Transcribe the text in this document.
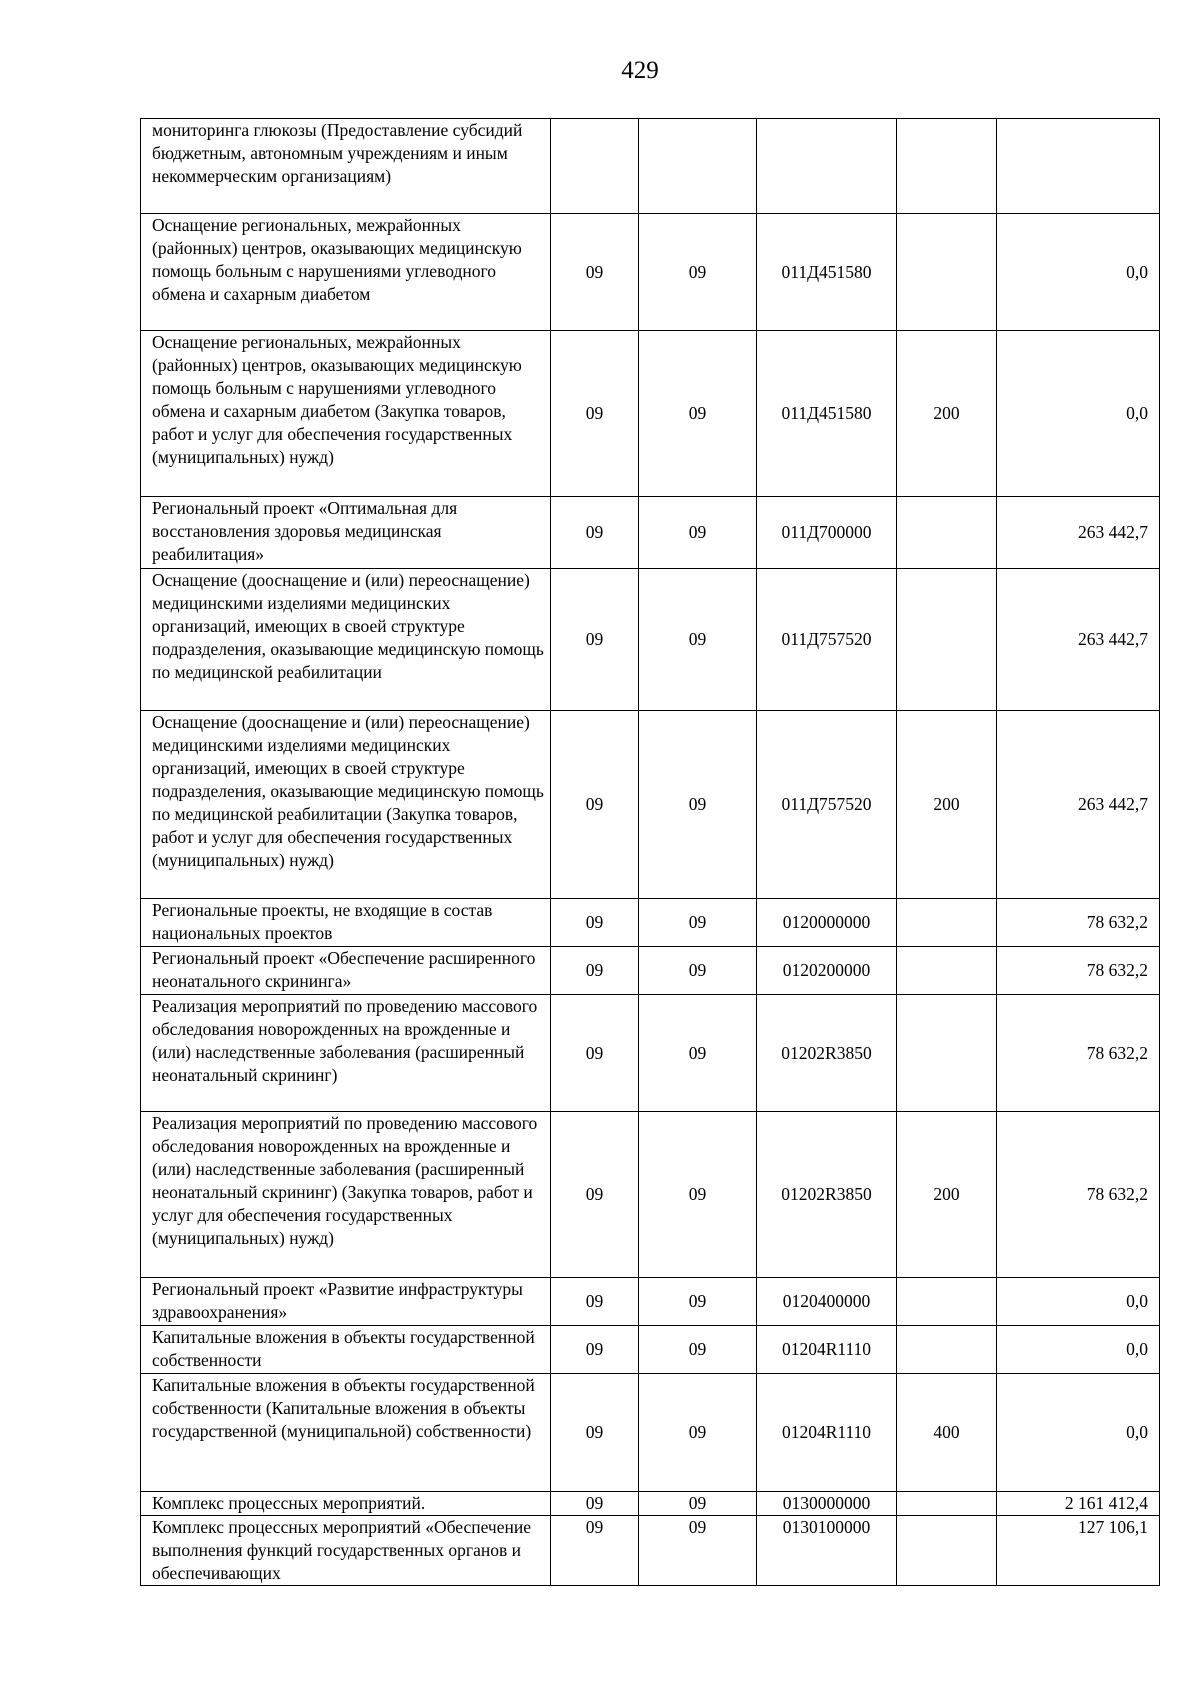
429
мониторинга глюкозы (Предоставление субсидий бюджетным, автономным учреждениям и иным некоммерческим организациям)					
Оснащение региональных, межрайонных (районных) центров, оказывающих медицинскую помощь больным с нарушениями углеводного обмена и сахарным диабетом	09	09	011Д451580		0,0
Оснащение региональных, межрайонных (районных) центров, оказывающих медицинскую помощь больным с нарушениями углеводного обмена и сахарным диабетом (Закупка товаров, работ и услуг для обеспечения государственных (муниципальных) нужд)	09	09	011Д451580	200	0,0
Региональный проект «Оптимальная для восстановления здоровья медицинская реабилитация»	09	09	011Д700000		263 442,7
Оснащение (дооснащение и (или) переоснащение) медицинскими изделиями медицинских организаций, имеющих в своей структуре подразделения, оказывающие медицинскую помощь по медицинской реабилитации	09	09	011Д757520		263 442,7
Оснащение (дооснащение и (или) переоснащение) медицинскими изделиями медицинских организаций, имеющих в своей структуре подразделения, оказывающие медицинскую помощь по медицинской реабилитации (Закупка товаров, работ и услуг для обеспечения государственных (муниципальных) нужд)	09	09	011Д757520	200	263 442,7
Региональные проекты, не входящие в состав национальных проектов	09	09	0120000000		78 632,2
Региональный проект «Обеспечение расширенного неонатального скрининга»	09	09	0120200000		78 632,2
Реализация мероприятий по проведению массового обследования новорожденных на врожденные и (или) наследственные заболевания (расширенный неонатальный скрининг)	09	09	01202R3850		78 632,2
Реализация мероприятий по проведению массового обследования новорожденных на врожденные и (или) наследственные заболевания (расширенный неонатальный скрининг) (Закупка товаров, работ и услуг для обеспечения государственных (муниципальных) нужд)	09	09	01202R3850	200	78 632,2
Региональный проект «Развитие инфраструктуры здравоохранения»	09	09	0120400000		0,0
Капитальные вложения в объекты государственной собственности	09	09	01204R1110		0,0
Капитальные вложения в объекты государственной собственности (Капитальные вложения в объекты государственной (муниципальной) собственности)	09	09	01204R1110	400	0,0
Комплекс процессных мероприятий.	09	09	0130000000		2 161 412,4
Комплекс процессных мероприятий «Обеспечение выполнения функций государственных органов и обеспечивающих	09	09	0130100000		127 106,1
